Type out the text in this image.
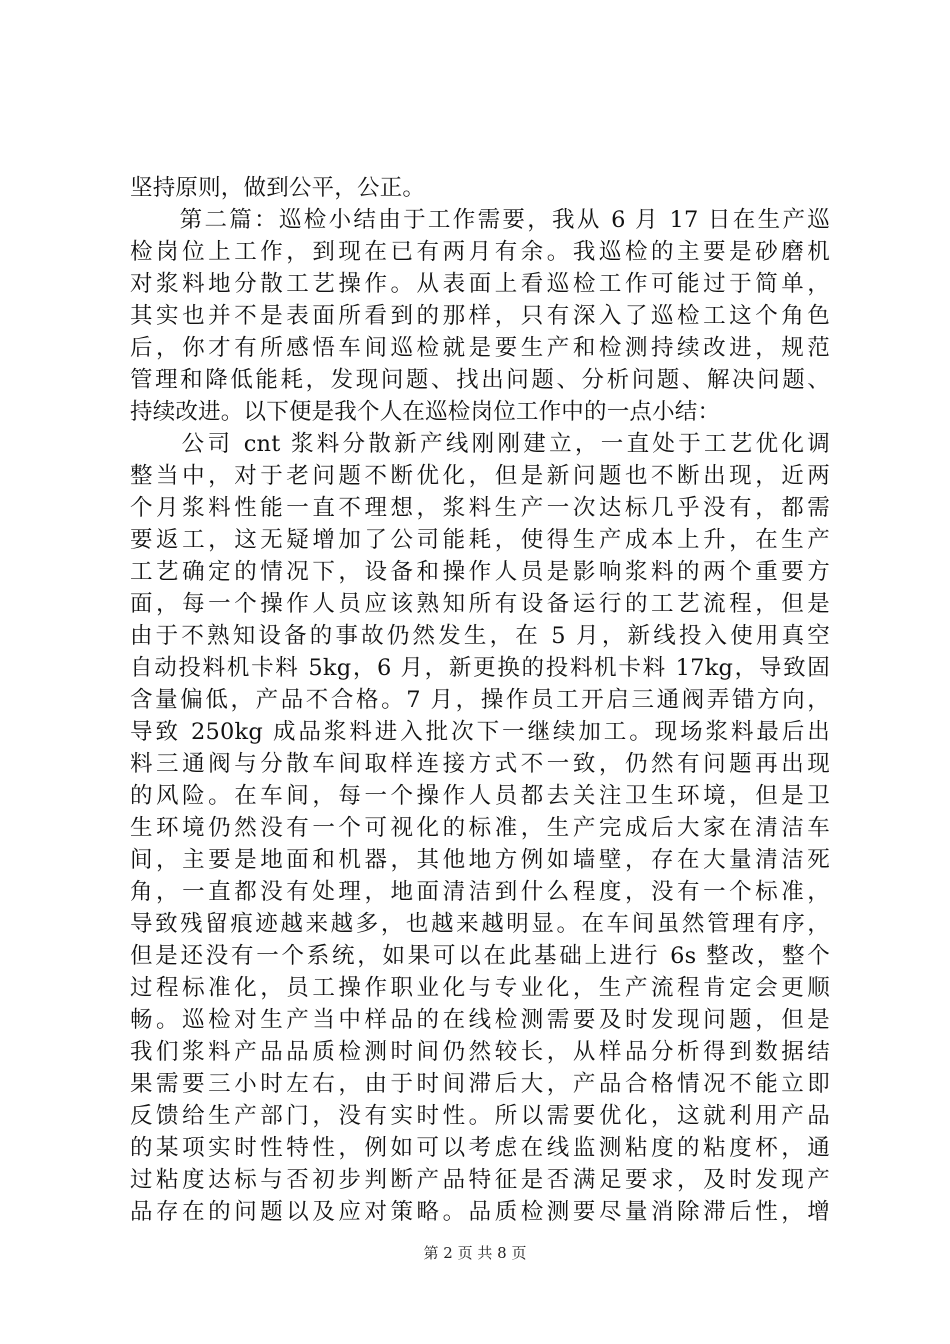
坚持原则，做到公平，公正。
　　第二篇：巡检小结由于工作需要，我从 6 月 17 日在生产巡
检岗位上工作，到现在已有两月有余。我巡检的主要是砂磨机
对浆料地分散工艺操作。从表面上看巡检工作可能过于简单，
其实也并不是表面所看到的那样，只有深入了巡检工这个角色
后，你才有所感悟车间巡检就是要生产和检测持续改进，规范
管理和降低能耗，发现问题、找出问题、分析问题、解决问题、
持续改进。以下便是我个人在巡检岗位工作中的一点小结：
　　公司 cnt 浆料分散新产线刚刚建立，一直处于工艺优化调
整当中，对于老问题不断优化，但是新问题也不断出现，近两
个月浆料性能一直不理想，浆料生产一次达标几乎没有，都需
要返工，这无疑增加了公司能耗，使得生产成本上升，在生产
工艺确定的情况下，设备和操作人员是影响浆料的两个重要方
面，每一个操作人员应该熟知所有设备运行的工艺流程，但是
由于不熟知设备的事故仍然发生，在 5 月，新线投入使用真空
自动投料机卡料 5kg，6 月，新更换的投料机卡料 17kg，导致固
含量偏低，产品不合格。7 月，操作员工开启三通阀弄错方向，
导致 250kg 成品浆料进入批次下一继续加工。现场浆料最后出
料三通阀与分散车间取样连接方式不一致，仍然有问题再出现
的风险。在车间，每一个操作人员都去关注卫生环境，但是卫
生环境仍然没有一个可视化的标准，生产完成后大家在清洁车
间，主要是地面和机器，其他地方例如墙壁，存在大量清洁死
角，一直都没有处理，地面清洁到什么程度，没有一个标准，
导致残留痕迹越来越多，也越来越明显。在车间虽然管理有序，
但是还没有一个系统，如果可以在此基础上进行 6s 整改，整个
过程标准化，员工操作职业化与专业化，生产流程肯定会更顺
畅。巡检对生产当中样品的在线检测需要及时发现问题，但是
我们浆料产品品质检测时间仍然较长，从样品分析得到数据结
果需要三小时左右，由于时间滞后大，产品合格情况不能立即
反馈给生产部门，没有实时性。所以需要优化，这就利用产品
的某项实时性特性，例如可以考虑在线监测粘度的粘度杯，通
过粘度达标与否初步判断产品特征是否满足要求，及时发现产
品存在的问题以及应对策略。品质检测要尽量消除滞后性，增
第 2 页 共 8 页
